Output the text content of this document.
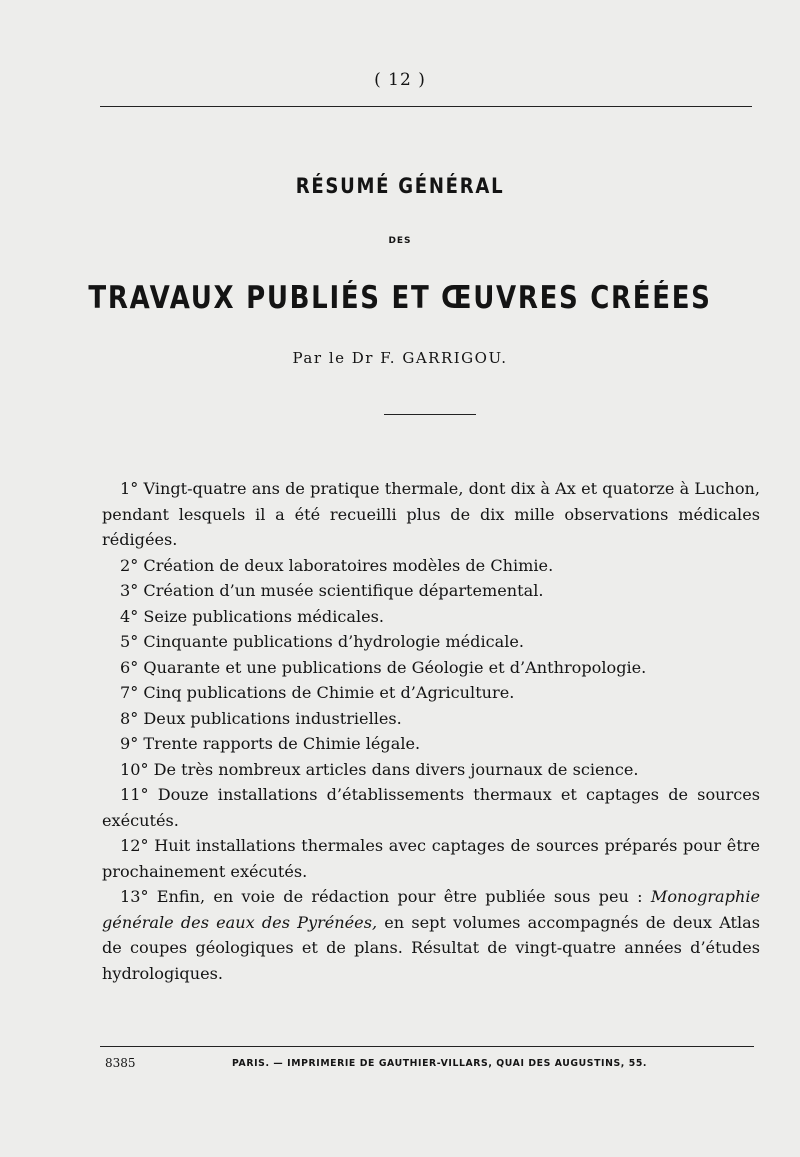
( 12 )
RÉSUMÉ GÉNÉRAL
DES
TRAVAUX PUBLIÉS ET ŒUVRES CRÉÉES
Par le Dr F. GARRIGOU.

1° Vingt-quatre ans de pratique thermale, dont dix à Ax et quatorze à Luchon, pendant lesquels il a été recueilli plus de dix mille observations médicales rédigées.

2° Création de deux laboratoires modèles de Chimie.

3° Création d’un musée scientifique départemental.

4° Seize publications médicales.

5° Cinquante publications d’hydrologie médicale.

6° Quarante et une publications de Géologie et d’Anthropologie.

7° Cinq publications de Chimie et d’Agriculture.

8° Deux publications industrielles.

9° Trente rapports de Chimie légale.

10° De très nombreux articles dans divers journaux de science.

11° Douze installations d’établissements thermaux et captages de sources exécutés.

12° Huit installations thermales avec captages de sources préparés pour être prochainement exécutés.

13° Enfin, en voie de rédaction pour être publiée sous peu : Monographie générale des eaux des Pyrénées, en sept volumes accompagnés de deux Atlas de coupes géologiques et de plans. Résultat de vingt-quatre années d’études hydrologiques.

8385	PARIS. — IMPRIMERIE DE GAUTHIER-VILLARS, QUAI DES AUGUSTINS, 55.
